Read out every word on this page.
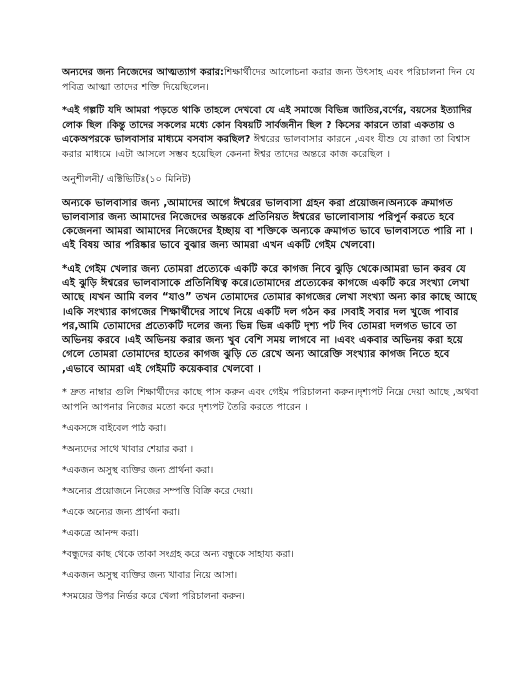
অন্যদের জন্য নিজেদের আত্মত্যাগ করার:শিক্ষার্থীদের আলোচনা করার জন্য উৎসাহ এবং পরিচালনা দিন যে পবিত্র আত্মা তাদের শক্তি দিয়েছিলেন।

*এই গল্পটি যদি আমরা পড়তে থাকি তাহলে দেখবো যে এই সমাজে বিভিন্ন জাতির,বর্ণের, বয়সের ইত্যাদির লোক ছিল ।কিন্তু তাদের সকলের মধ্যে কোন বিষয়টি সার্বজনীন ছিল ? কিসের কারনে তারা একতায় ও একেঅপরকে ভালবাসার মাধ্যমে বসবাস করছিল? ঈশ্বরের ভালবাসার কারনে ,এবং যীশু যে রাজা তা বিশ্বাস করার মাধ্যমে ।এটা আসলে সম্ভব হয়েছিল কেননা ঈশ্বর তাদের অন্তরে কাজ করেছিল ।

অনুশীলনী/ এক্টিভিটিঃ(১০ মিনিট)

অন্যকে ভালবাসার জন্য ,আমাদের আগে ঈশ্বরের ভালবাসা গ্রহন করা প্রয়োজন।অন্যকে ক্রমাগত ভালবাসার জন্য আমাদের নিজেদের অন্তরকে প্রতিনিয়ত ঈশ্বরের ভালোবাসায় পরিপুর্ন করতে হবে কেজেননা আমরা আমাদের নিজেদের ইচ্ছায় বা শক্তিকে অন্যকে ক্রমাগত ভাবে ভালবাসতে পারি না ।এই বিষয় আর পরিষ্কার ভাবে বুঝার জন্য আমরা এখন একটি গেইম খেলবো।

*এই গেইম খেলার জন্য তোমরা প্রত্যেকে একটি করে কাগজ নিবে ঝুড়ি থেকে।আমরা ভান করব যে এই ঝুড়ি ঈশ্বরের ভালবাসাকে প্রতিনিধিত্ব করে।তোমাদের প্রত্যেকের কাগজে একটি করে সংখ্যা লেখা আছে ।যখন আমি বলব “যাও” তখন তোমাদের তোমার কাগজের লেখা সংখ্যা অন্য কার কাছে আছে ।একি সংখ্যার কাগজের শিক্ষার্থীদের সাথে নিয়ে একটি দল গঠন কর ।সবাই সবার দল খুজে পাবার পর,আমি তোমাদের প্রত্যেকটি দলের জন্য ভিন্ন ভিন্ন একটি দৃশ্য পট দিব তোমরা দলগত ভাবে তা অভিনয় করবে ।এই অভিনয় করার জন্য খুব বেশি সময় লাগবে না ।এবং একবার অভিনয় করা হয়ে গেলে তোমরা তোমাদের হাতের কাগজ ঝুড়ি তে রেখে অন্য আরেক্তি সংখ্যার কাগজ নিতে হবে ,এভাবে আমরা এই গেইমটি কয়েকবার খেলবো ।

* দ্রুত নাম্বার গুলি শিক্ষার্থীদের কাছে পাস করুন এবং গেইম পরিচালনা করুন।দৃশ্যপট নিম্নে দেয়া আছে ,অথবা আপনি আপনার নিজের মতো করে দৃশ্যপট তৈরি করতে পারেন ।

*একসঙ্গে বাইবেল পাঠ করা।

*অন্যদের সাথে খাবার শেয়ার করা ।

*একজন অসুস্থ ব্যক্তির জন্য প্রার্থনা করা।

*অন্যের প্রয়োজনে নিজের সম্পত্তি বিক্রি করে দেয়া।

*একে অন্যের জন্য প্রার্থনা করা।

*একত্রে আনন্দ করা।

*বন্ধুদের কাছ থেকে তাকা সংগ্রহ করে অন্য বন্ধুকে সাহায্য করা।

*একজন অসুস্থ ব্যক্তির জন্য খাবার নিয়ে আসা।

*সময়ের উপর নির্ভর করে খেলা পরিচালনা করুন।
